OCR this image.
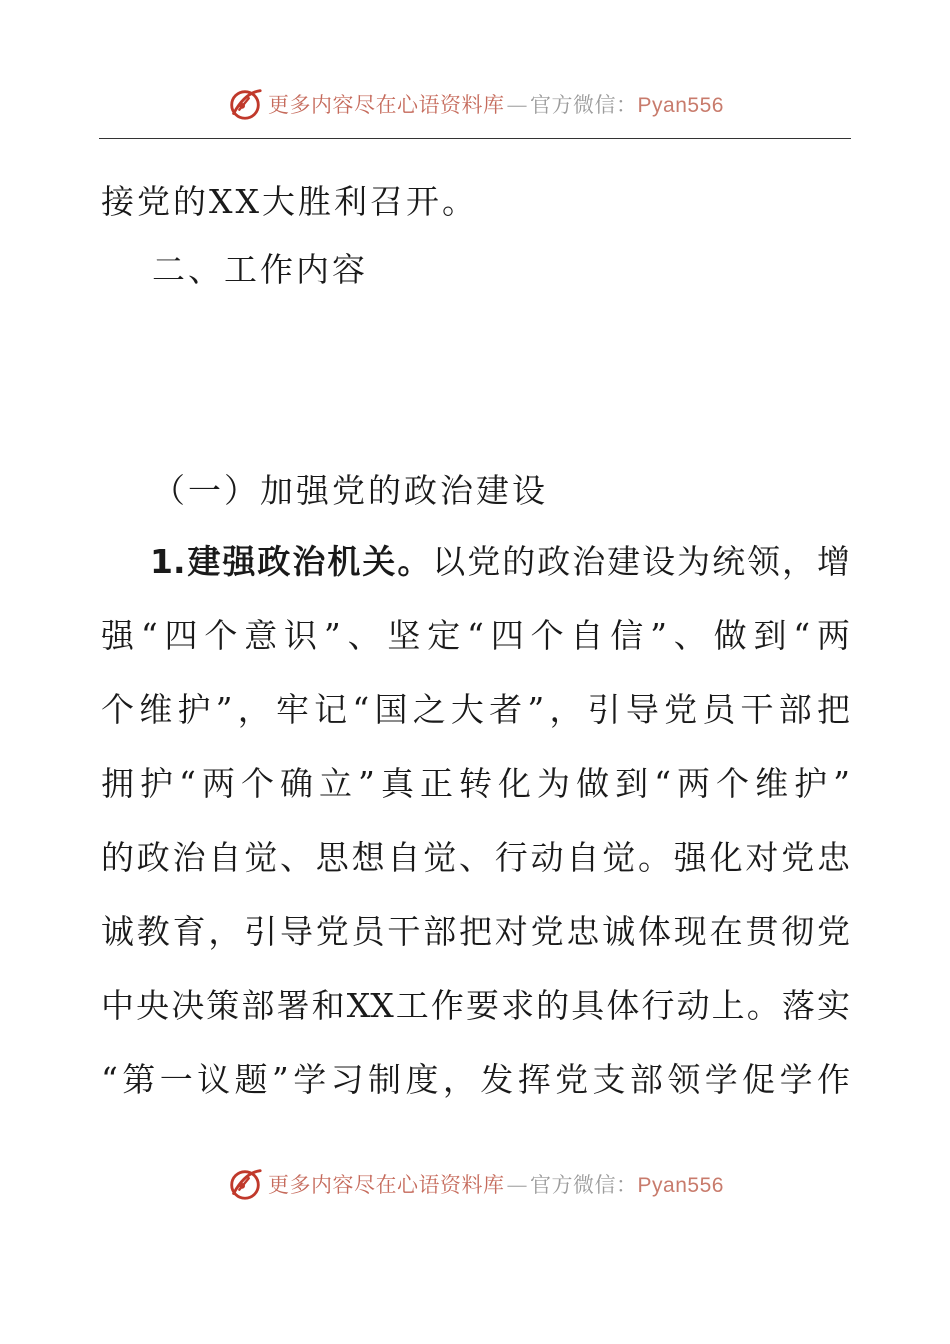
更多内容尽在心语资料库—官方微信：Pyan556
接党的XX大胜利召开。
二、工作内容
（一）加强党的政治建设
1.建强政治机关。以党的政治建设为统领，增
强“四个意识”、坚定“四个自信”、做到“两
个维护”，牢记“国之大者”，引导党员干部把
拥护“两个确立”真正转化为做到“两个维护”
的政治自觉、思想自觉、行动自觉。强化对党忠
诚教育，引导党员干部把对党忠诚体现在贯彻党
中央决策部署和XX工作要求的具体行动上。落实
“第一议题”学习制度，发挥党支部领学促学作
更多内容尽在心语资料库—官方微信：Pyan556
